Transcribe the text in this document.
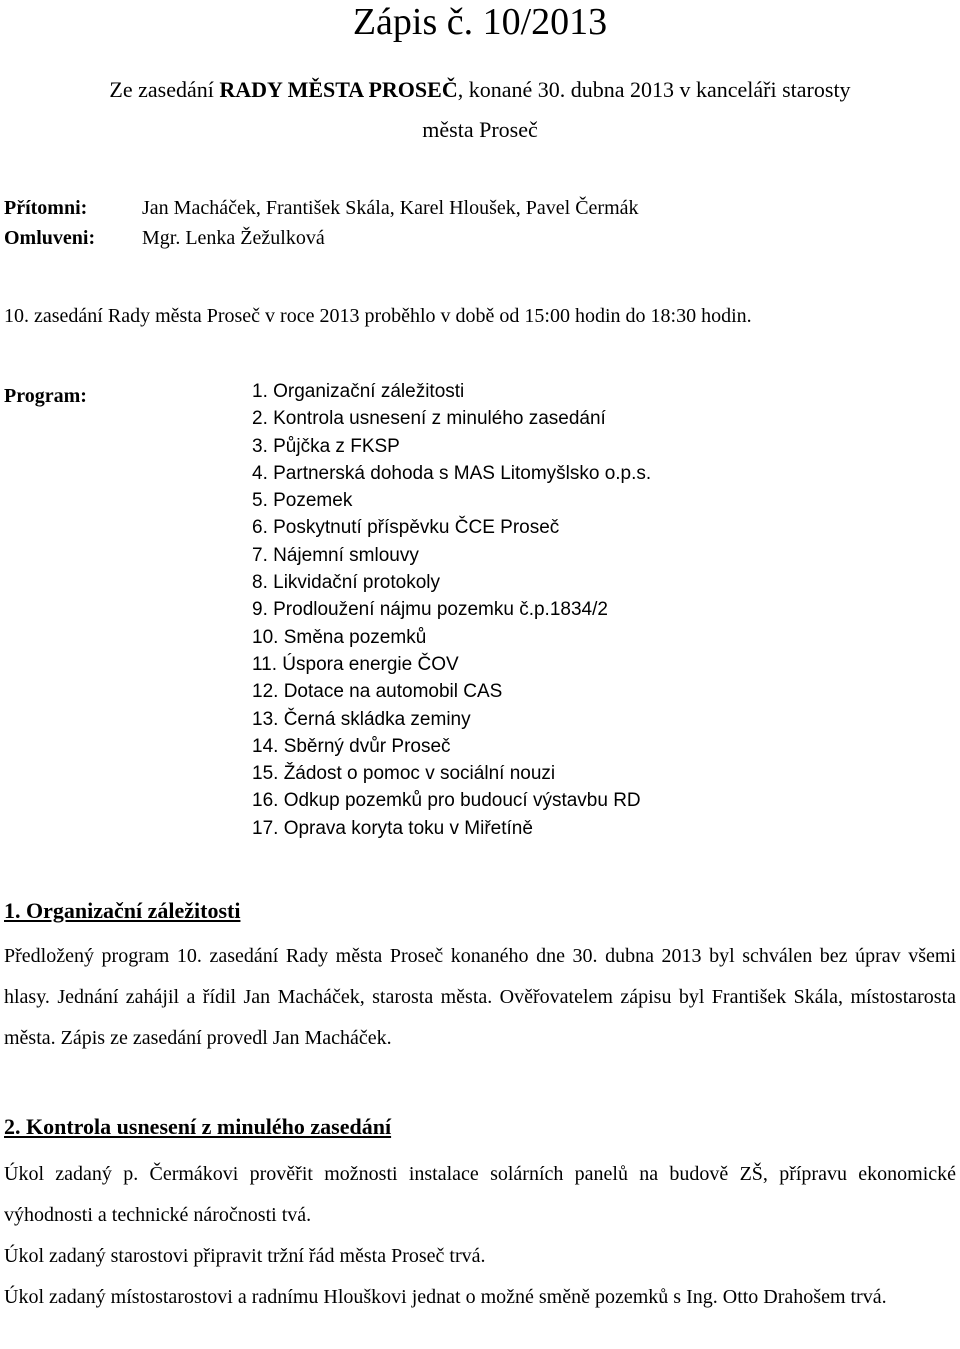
Zápis č. 10/2013
Ze zasedání RADY MĚSTA PROSEČ, konané 30. dubna 2013 v kanceláři starosty
města Proseč
Přítomni:	Jan Macháček, František Skála, Karel Hloušek, Pavel Čermák
Omluveni: Mgr. Lenka Žežulková
10. zasedání Rady města Proseč v roce 2013 proběhlo v době od 15:00 hodin do 18:30 hodin.
Program:	1. Organizační záležitosti
2. Kontrola usnesení z minulého zasedání
3. Půjčka z FKSP
4. Partnerská dohoda s MAS Litomyšlsko o.p.s.
5. Pozemek
6. Poskytnutí příspěvku ČCE Proseč
7. Nájemní smlouvy
8. Likvidační protokoly
9. Prodloužení nájmu pozemku č.p.1834/2
10. Směna pozemků
11. Úspora energie ČOV
12. Dotace na automobil CAS
13. Černá skládka zeminy
14. Sběrný dvůr Proseč
15. Žádost o pomoc v sociální nouzi
16. Odkup pozemků pro budoucí výstavbu RD
17. Oprava koryta toku v Miřetíně
1. Organizační záležitosti

Předložený program 10. zasedání Rady města Proseč konaného dne 30. dubna 2013 byl schválen bez úprav všemi hlasy. Jednání zahájil a řídil Jan Macháček, starosta města. Ověřovatelem zápisu byl František Skála, místostarosta města. Zápis ze zasedání provedl Jan Macháček.

2. Kontrola usnesení z minulého zasedání

Úkol zadaný p. Čermákovi prověřit možnosti instalace solárních panelů na budově ZŠ, přípravu ekonomické výhodnosti a technické náročnosti tvá.

Úkol zadaný starostovi připravit tržní řád města Proseč trvá.

Úkol zadaný místostarostovi a radnímu Hlouškovi jednat o možné směně pozemků s Ing. Otto Drahošem trvá.
